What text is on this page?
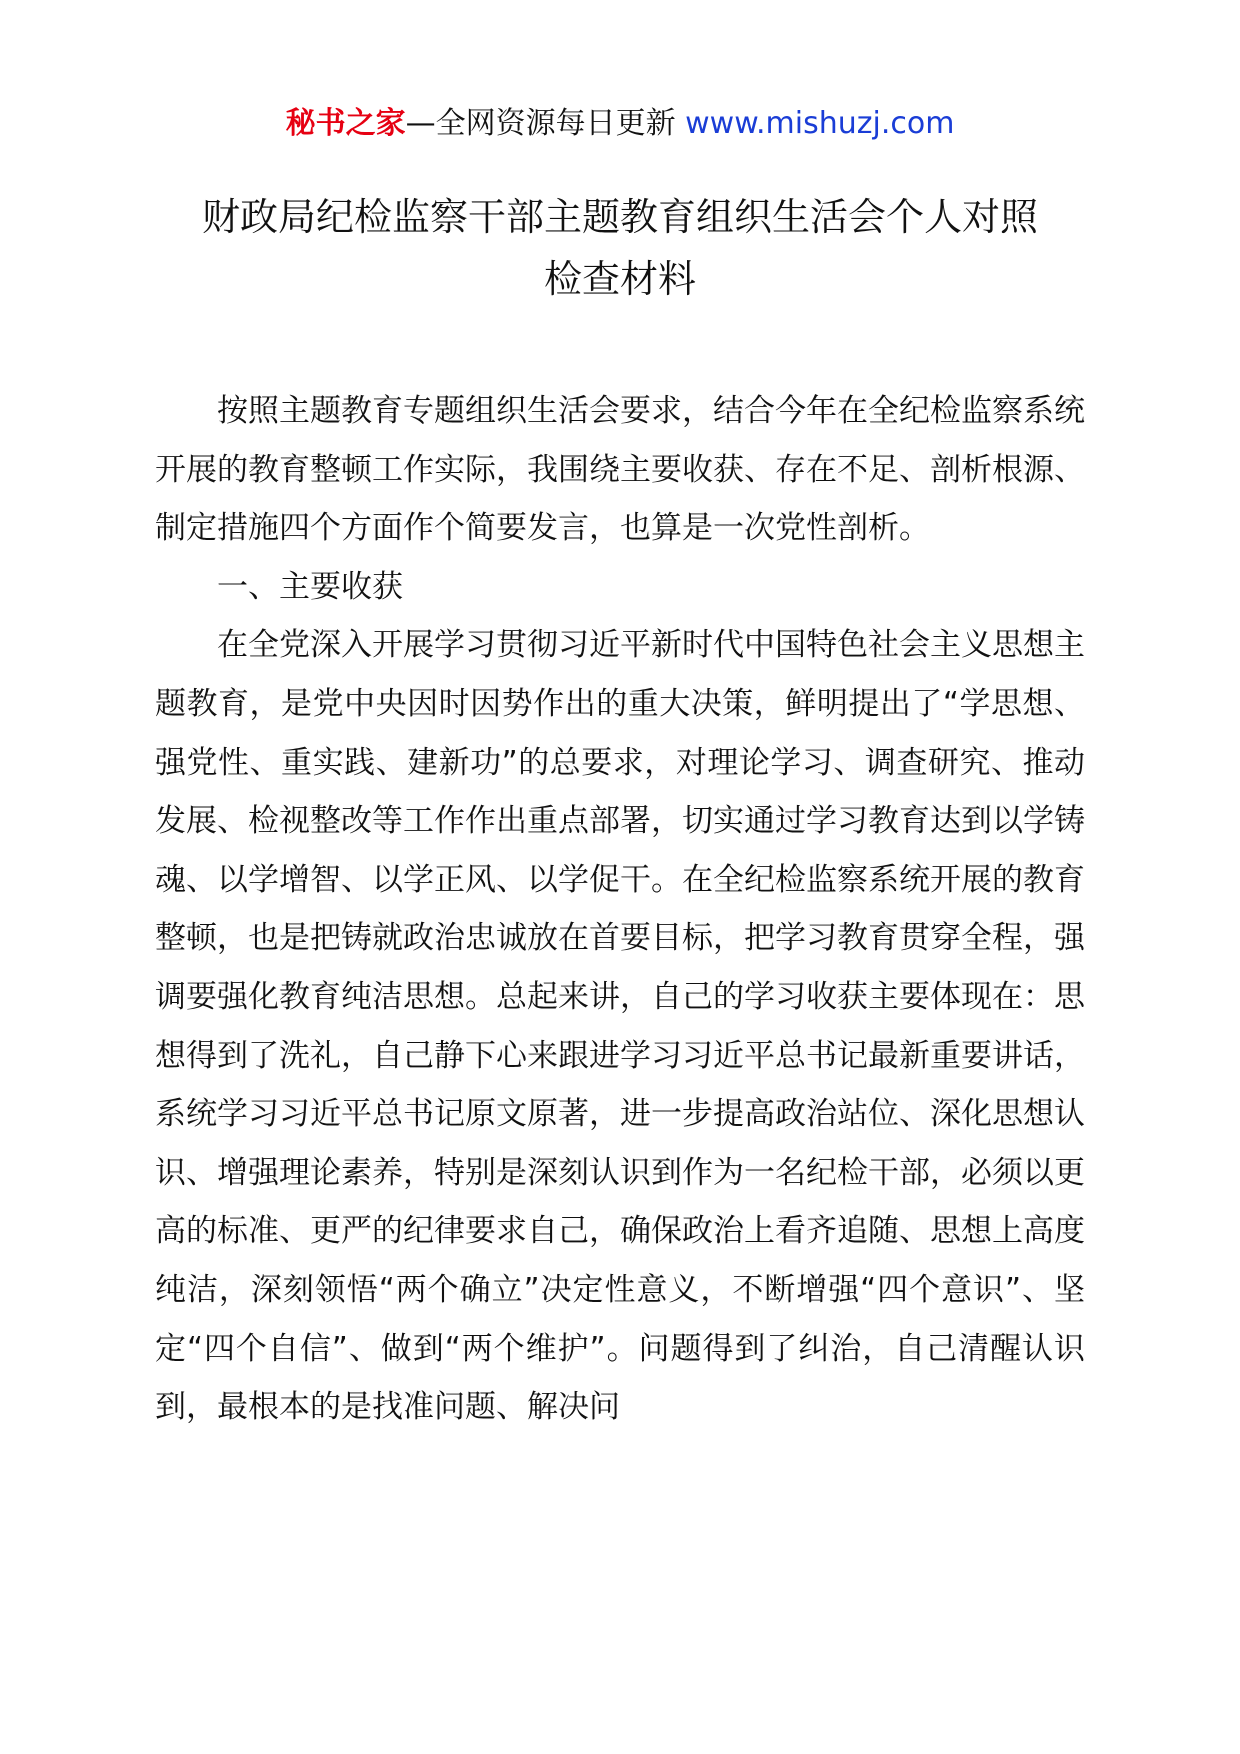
秘书之家—全网资源每日更新 www.mishuzj.com
财政局纪检监察干部主题教育组织生活会个人对照
检查材料

按照主题教育专题组织生活会要求，结合今年在全纪检监察系统开展的教育整顿工作实际，我围绕主要收获、存在不足、剖析根源、制定措施四个方面作个简要发言，也算是一次党性剖析。

一、主要收获

在全党深入开展学习贯彻习近平新时代中国特色社会主义思想主题教育，是党中央因时因势作出的重大决策，鲜明提出了“学思想、强党性、重实践、建新功”的总要求，对理论学习、调查研究、推动发展、检视整改等工作作出重点部署，切实通过学习教育达到以学铸魂、以学增智、以学正风、以学促干。在全纪检监察系统开展的教育整顿，也是把铸就政治忠诚放在首要目标，把学习教育贯穿全程，强调要强化教育纯洁思想。总起来讲，自己的学习收获主要体现在：思想得到了洗礼，自己静下心来跟进学习习近平总书记最新重要讲话，系统学习习近平总书记原文原著，进一步提高政治站位、深化思想认识、增强理论素养，特别是深刻认识到作为一名纪检干部，必须以更高的标准、更严的纪律要求自己，确保政治上看齐追随、思想上高度纯洁，深刻领悟“两个确立”决定性意义，不断增强“四个意识”、坚定“四个自信”、做到“两个维护”。问题得到了纠治，自己清醒认识到，最根本的是找准问题、解决问
